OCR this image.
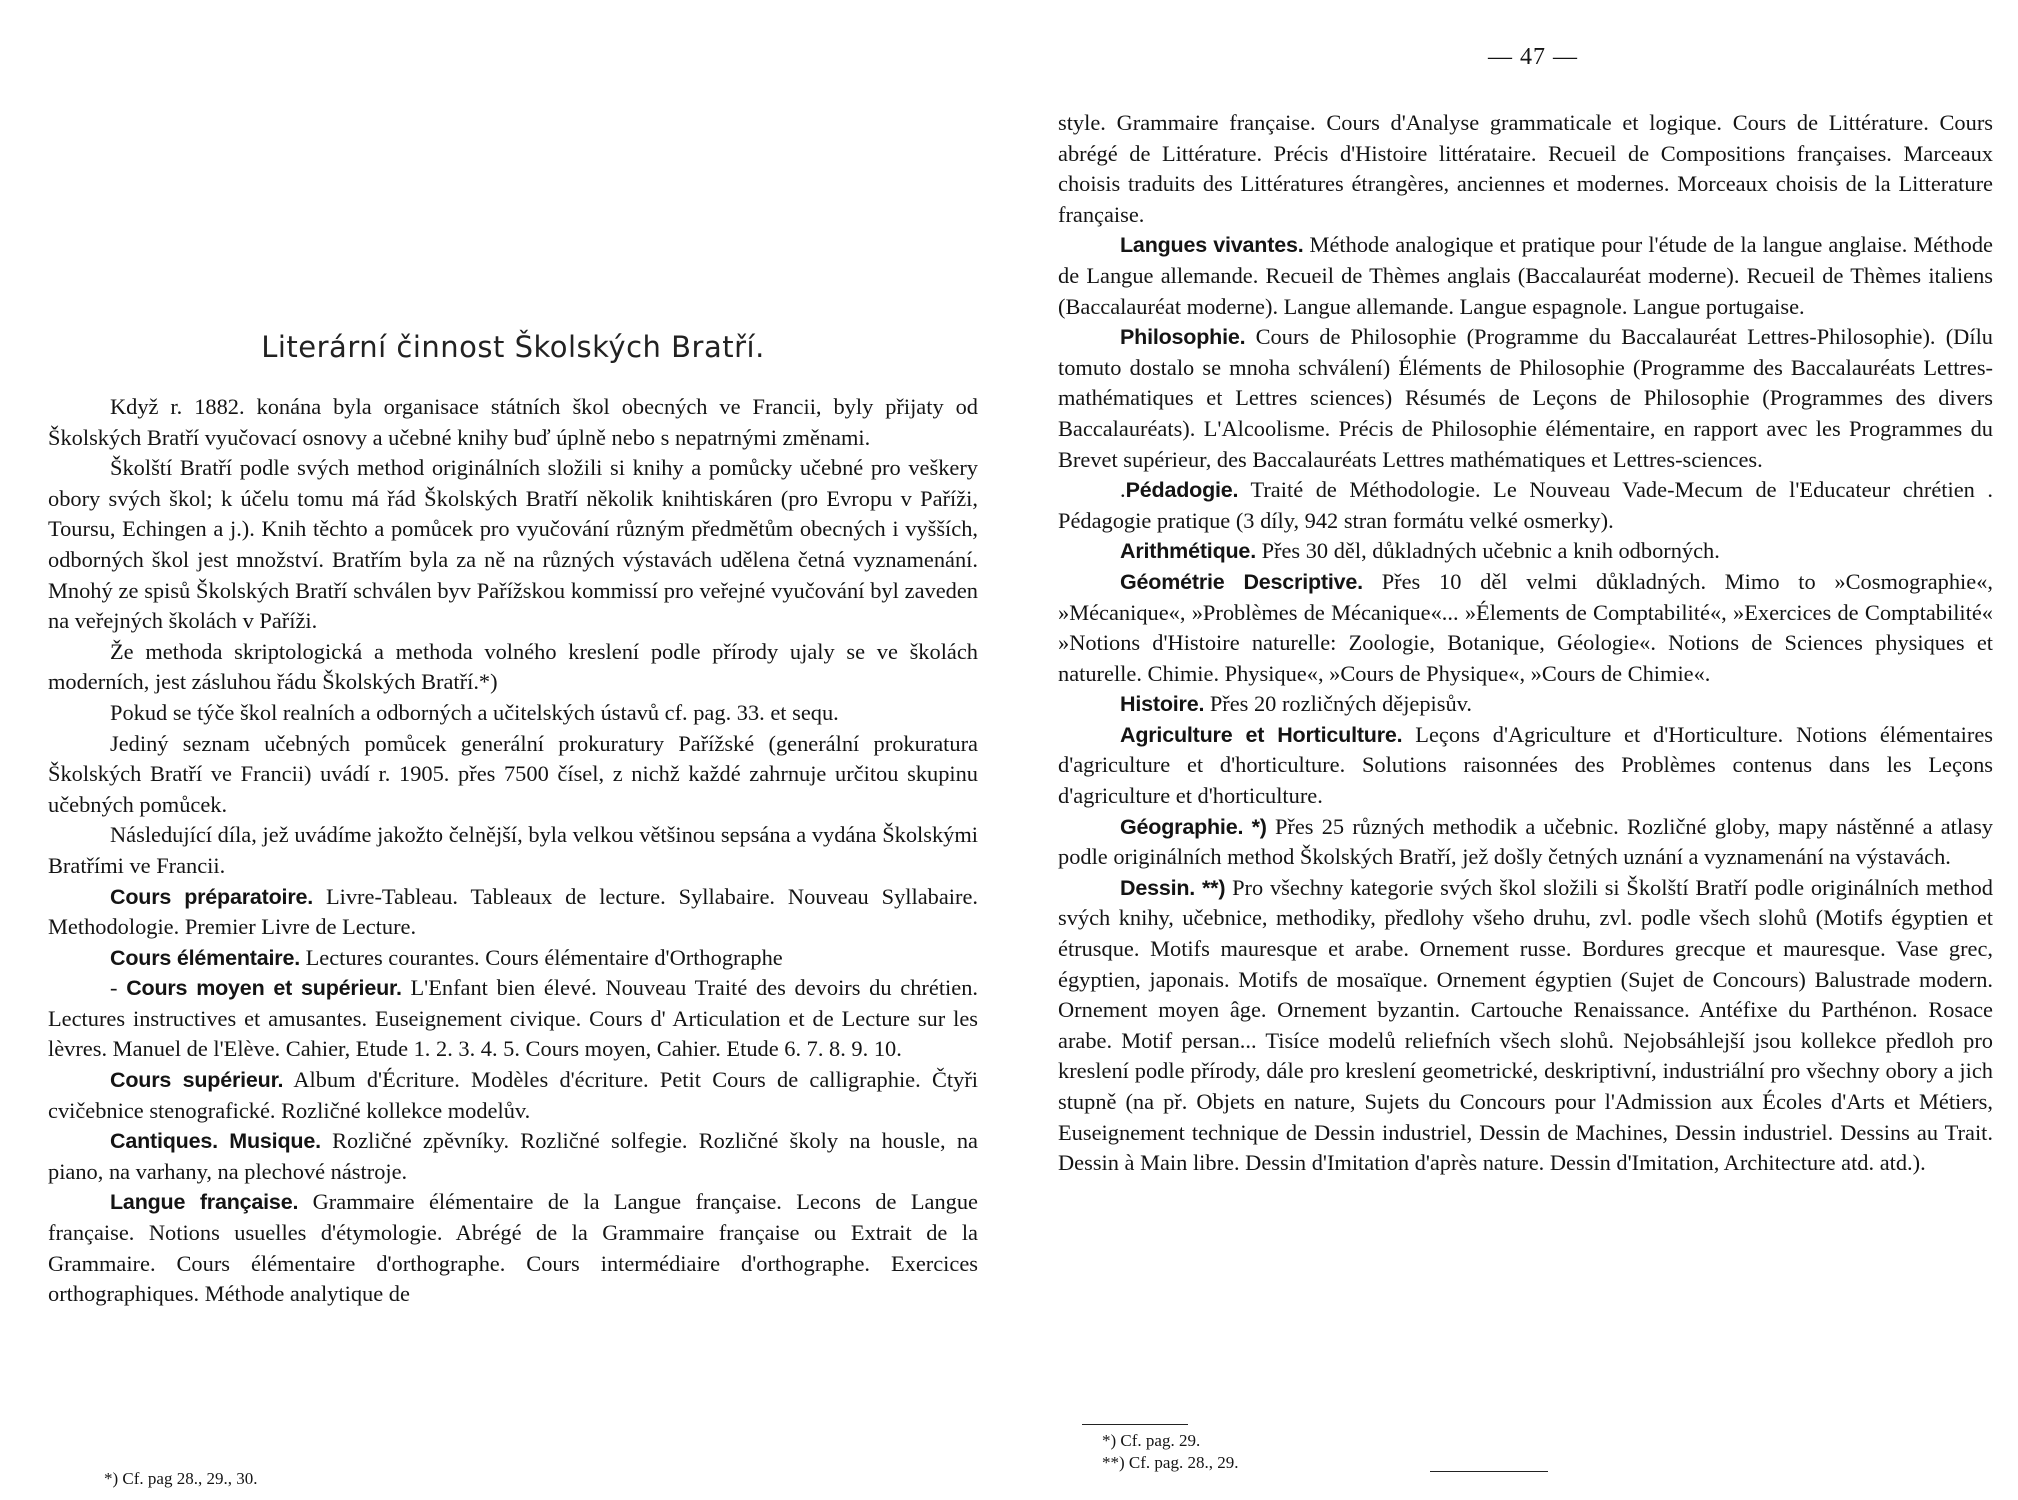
Literární činnost Školských Bratří.

Když r. 1882. konána byla organisace státních škol obecných ve Francii, byly přijaty od Školských Bratří vyučovací osnovy a učebné knihy buď úplně nebo s nepatrnými změnami.

Školští Bratří podle svých method originálních složili si knihy a pomůcky učebné pro veškery obory svých škol; k účelu tomu má řád Školských Bratří několik knihtiskáren (pro Evropu v Paříži, Toursu, Echingen a j.). Knih těchto a pomůcek pro vyučování různým předmětům obecných i vyšších, odborných škol jest množství. Bratřím byla za ně na různých výstavách udělena četná vyznamenání. Mnohý ze spisů Školských Bratří schválen byv Pařížskou kommissí pro veřejné vyučování byl zaveden na veřejných školách v Paříži.

Že methoda skriptologická a methoda volného kreslení podle přírody ujaly se ve školách moderních, jest zásluhou řádu Školských Bratří.*)

Pokud se týče škol realních a odborných a učitelských ústavů cf. pag. 33. et sequ.

Jediný seznam učebných pomůcek generální prokuratury Pařížské (generální prokuratura Školských Bratří ve Francii) uvádí r. 1905. přes 7500 čísel, z nichž každé zahrnuje určitou skupinu učebných pomůcek.

Následující díla, jež uvádíme jakožto čelnější, byla velkou většinou sepsána a vydána Školskými Bratřími ve Francii.

Cours préparatoire. Livre-Tableau. Tableaux de lecture. Syllabaire. Nouveau Syllabaire. Methodologie. Premier Livre de Lecture.

Cours élémentaire. Lectures courantes. Cours élémentaire d'Orthographe

- Cours moyen et supérieur. L'Enfant bien élevé. Nouveau Traité des devoirs du chrétien. Lectures instructives et amusantes. Euseignement civique. Cours d' Articulation et de Lecture sur les lèvres. Manuel de l'Elève. Cahier, Etude 1. 2. 3. 4. 5. Cours moyen, Cahier. Etude 6. 7. 8. 9. 10.

Cours supérieur. Album d'Écriture. Modèles d'écriture. Petit Cours de calligraphie. Čtyři cvičebnice stenografické. Rozličné kollekce modelův.

Cantiques. Musique. Rozličné zpěvníky. Rozličné solfegie. Rozličné školy na housle, na piano, na varhany, na plechové nástroje.

Langue française. Grammaire élémentaire de la Langue française. Lecons de Langue française. Notions usuelles d'étymologie. Abrégé de la Grammaire française ou Extrait de la Grammaire. Cours élémentaire d'orthographe. Cours intermédiaire d'orthographe. Exercices orthographiques. Méthode analytique de

*) Cf. pag 28., 29., 30.
— 47 —

style. Grammaire française. Cours d'Analyse grammaticale et logique. Cours de Littérature. Cours abrégé de Littérature. Précis d'Histoire littérataire. Recueil de Compositions françaises. Marceaux choisis traduits des Littératures étrangères, anciennes et modernes. Morceaux choisis de la Litterature française.

Langues vivantes. Méthode analogique et pratique pour l'étude de la langue anglaise. Méthode de Langue allemande. Recueil de Thèmes anglais (Baccalauréat moderne). Recueil de Thèmes italiens (Baccalauréat moderne). Langue allemande. Langue espagnole. Langue portugaise.

Philosophie. Cours de Philosophie (Programme du Baccalauréat Lettres-Philosophie). (Dílu tomuto dostalo se mnoha schválení) Éléments de Philosophie (Programme des Baccalauréats Lettres-mathématiques et Lettres sciences) Résumés de Leçons de Philosophie (Programmes des divers Baccalauréats). L'Alcoolisme. Précis de Philosophie élémentaire, en rapport avec les Programmes du Brevet supérieur, des Baccalauréats Lettres mathématiques et Lettres-sciences.

.Pédadogie. Traité de Méthodologie. Le Nouveau Vade-Mecum de l'Educateur chrétien . Pédagogie pratique (3 díly, 942 stran formátu velké osmerky).

Arithmétique. Přes 30 děl, důkladných učebnic a knih odborných.

Géométrie Descriptive. Přes 10 děl velmi důkladných. Mimo to »Cosmographie«, »Mécanique«, »Problèmes de Mécanique«... »Élements de Comptabilité«, »Exercices de Comptabilité« »Notions d'Histoire naturelle: Zoologie, Botanique, Géologie«. Notions de Sciences physiques et naturelle. Chimie. Physique«, »Cours de Physique«, »Cours de Chimie«.

Histoire. Přes 20 rozličných dějepisův.

Agriculture et Horticulture. Leçons d'Agriculture et d'Horticulture. Notions élémentaires d'agriculture et d'horticulture. Solutions raisonnées des Problèmes contenus dans les Leçons d'agriculture et d'horticulture.

Géographie. *) Přes 25 různých methodik a učebnic. Rozličné globy, mapy nástěnné a atlasy podle originálních method Školských Bratří, jež došly četných uznání a vyznamenání na výstavách.

Dessin. **) Pro všechny kategorie svých škol složili si Školští Bratří podle originálních method svých knihy, učebnice, methodiky, předlohy všeho druhu, zvl. podle všech slohů (Motifs égyptien et étrusque. Motifs mauresque et arabe. Ornement russe. Bordures grecque et mauresque. Vase grec, égyptien, japonais. Motifs de mosaïque. Ornement égyptien (Sujet de Concours) Balustrade modern. Ornement moyen âge. Ornement byzantin. Cartouche Renaissance. Antéfixe du Parthénon. Rosace arabe. Motif persan... Tisíce modelů reliefních všech slohů. Nejobsáhlejší jsou kollekce předloh pro kreslení podle přírody, dále pro kreslení geometrické, deskriptivní, industriální pro všechny obory a jich stupně (na př. Objets en nature, Sujets du Concours pour l'Admission aux Écoles d'Arts et Métiers, Euseignement technique de Dessin industriel, Dessin de Machines, Dessin industriel. Dessins au Trait. Dessin à Main libre. Dessin d'Imitation d'après nature. Dessin d'Imitation, Architecture atd. atd.).

*) Cf. pag. 29.
**) Cf. pag. 28., 29.
